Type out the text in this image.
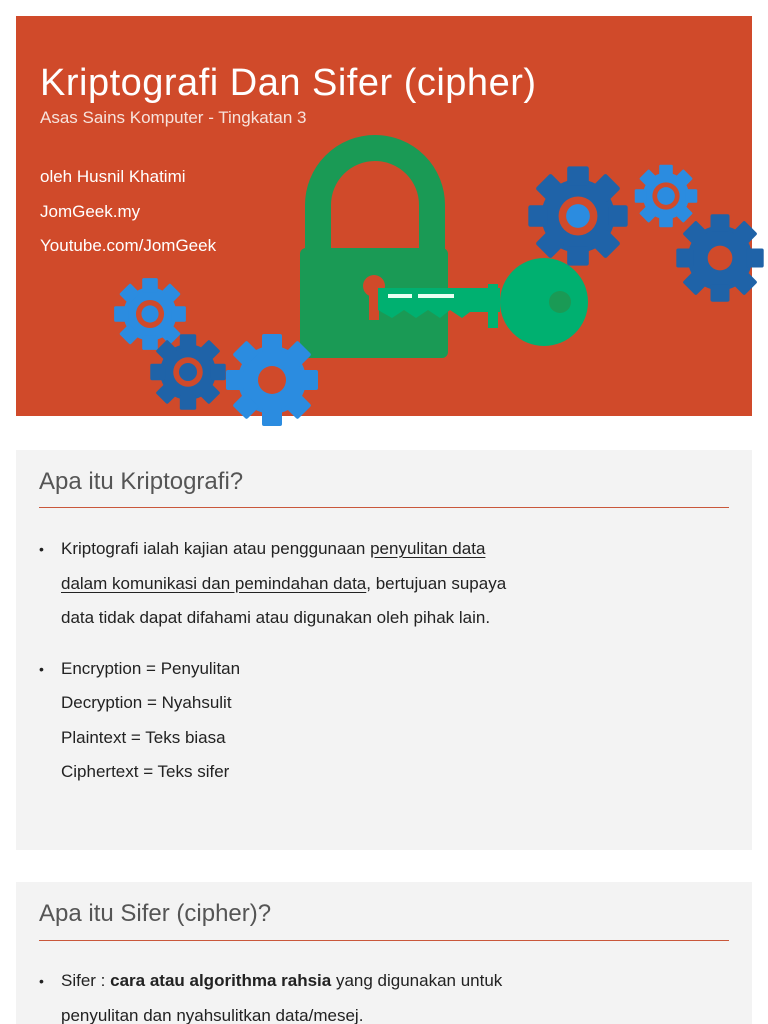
Kriptografi Dan Sifer (cipher)
Asas Sains Komputer - Tingkatan 3
oleh Husnil Khatimi
JomGeek.my
Youtube.com/JomGeek
Apa itu Kriptografi?
• Kriptografi ialah kajian atau penggunaan penyulitan data
dalam komunikasi dan pemindahan data, bertujuan supaya
data tidak dapat difahami atau digunakan oleh pihak lain.
• Encryption = Penyulitan
Decryption = Nyahsulit
Plaintext = Teks biasa
Ciphertext = Teks sifer
Apa itu Sifer (cipher)?
• Sifer : cara atau algorithma rahsia yang digunakan untuk
penyulitan dan nyahsulitkan data/mesej.
